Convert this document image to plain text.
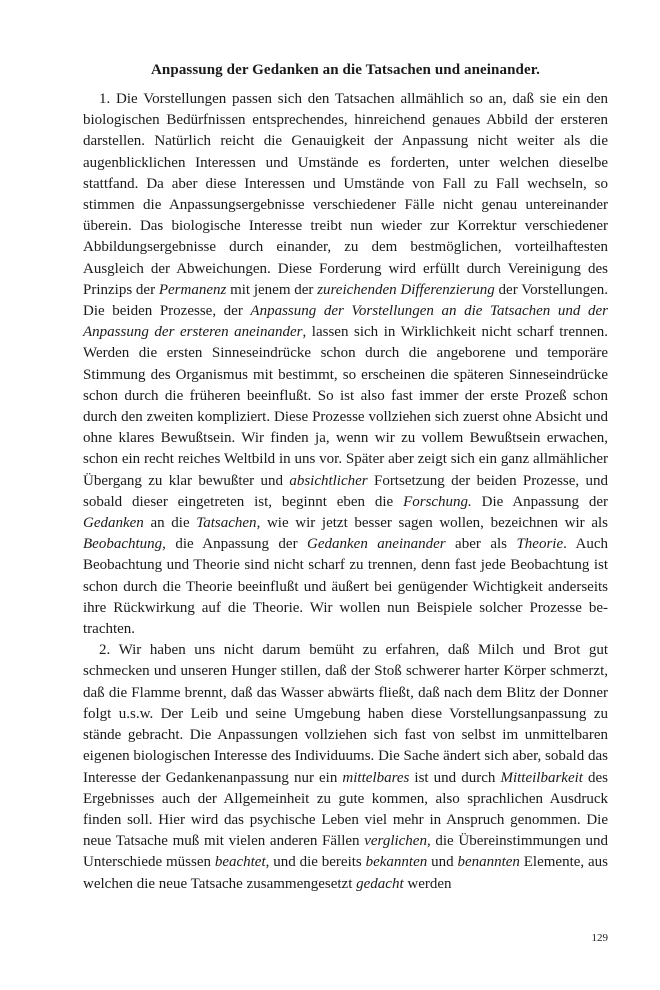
Anpassung der Gedanken an die Tatsachen und aneinander.

1. Die Vorstellungen passen sich den Tatsachen allmählich so an, daß sie ein den biologischen Bedürfnissen entsprechendes, hinreichend genaues Abbild der ersteren darstellen. Natürlich reicht die Genauigkeit der Anpassung nicht weiter als die augenblicklichen Interessen und Umstände es forderten, unter welchen dieselbe stattfand. Da aber diese Interessen und Umstände von Fall zu Fall wechseln, so stimmen die Anpassungsergebnisse verschiedener Fälle nicht genau untereinander überein. Das biologische Interesse treibt nun wieder zur Korrektur verschiedener Abbildungsergebnisse durch einander, zu dem bestmöglichen, vorteilhaftesten Ausgleich der Abweichungen. Diese Forderung wird erfüllt durch Vereinigung des Prinzips der Permanenz mit jenem der zureichenden Differenzierung der Vorstellungen. Die beiden Prozesse, der Anpassung der Vorstellungen an die Tatsachen und der Anpassung der ersteren aneinander, lassen sich in Wirklichkeit nicht scharf trennen. Werden die ersten Sinneseindrücke schon durch die angeborene und temporäre Stimmung des Organismus mit bestimmt, so erscheinen die späteren Sinneseindrücke schon durch die früheren beeinflußt. So ist also fast immer der erste Prozeß schon durch den zweiten kompliziert. Diese Prozesse vollziehen sich zuerst ohne Absicht und ohne klares Bewußtsein. Wir finden ja, wenn wir zu vollem Bewußtsein erwachen, schon ein recht reiches Weltbild in uns vor. Später aber zeigt sich ein ganz allmählicher Übergang zu klar bewußter und absichtlicher Fortsetzung der beiden Prozesse, und sobald dieser eingetreten ist, beginnt eben die Forschung. Die Anpassung der Gedanken an die Tatsachen, wie wir jetzt besser sagen wollen, bezeichnen wir als Beobachtung, die Anpassung der Gedanken aneinander aber als Theorie. Auch Beobachtung und Theorie sind nicht scharf zu trennen, denn fast jede Beobachtung ist schon durch die Theorie beeinflußt und äußert bei genügender Wichtigkeit anderseits ihre Rückwirkung auf die Theorie. Wir wollen nun Beispiele solcher Prozesse betrachten.

2. Wir haben uns nicht darum bemüht zu erfahren, daß Milch und Brot gut schmecken und unseren Hunger stillen, daß der Stoß schwerer harter Körper schmerzt, daß die Flamme brennt, daß das Wasser abwärts fließt, daß nach dem Blitz der Donner folgt u.s.w. Der Leib und seine Umgebung haben diese Vorstellungsanpassung zu stände gebracht. Die Anpassungen vollziehen sich fast von selbst im unmittelbaren eigenen biologischen Interesse des Individuums. Die Sache ändert sich aber, sobald das Interesse der Gedankenanpassung nur ein mittelbares ist und durch Mitteilbarkeit des Ergebnisses auch der Allgemeinheit zu gute kommen, also sprachlichen Ausdruck finden soll. Hier wird das psychische Leben viel mehr in Anspruch genommen. Die neue Tatsache muß mit vielen anderen Fällen verglichen, die Übereinstimmungen und Unterschiede müssen beachtet, und die bereits bekannten und benannten Elemente, aus welchen die neue Tatsache zusammengesetzt gedacht werden

129
